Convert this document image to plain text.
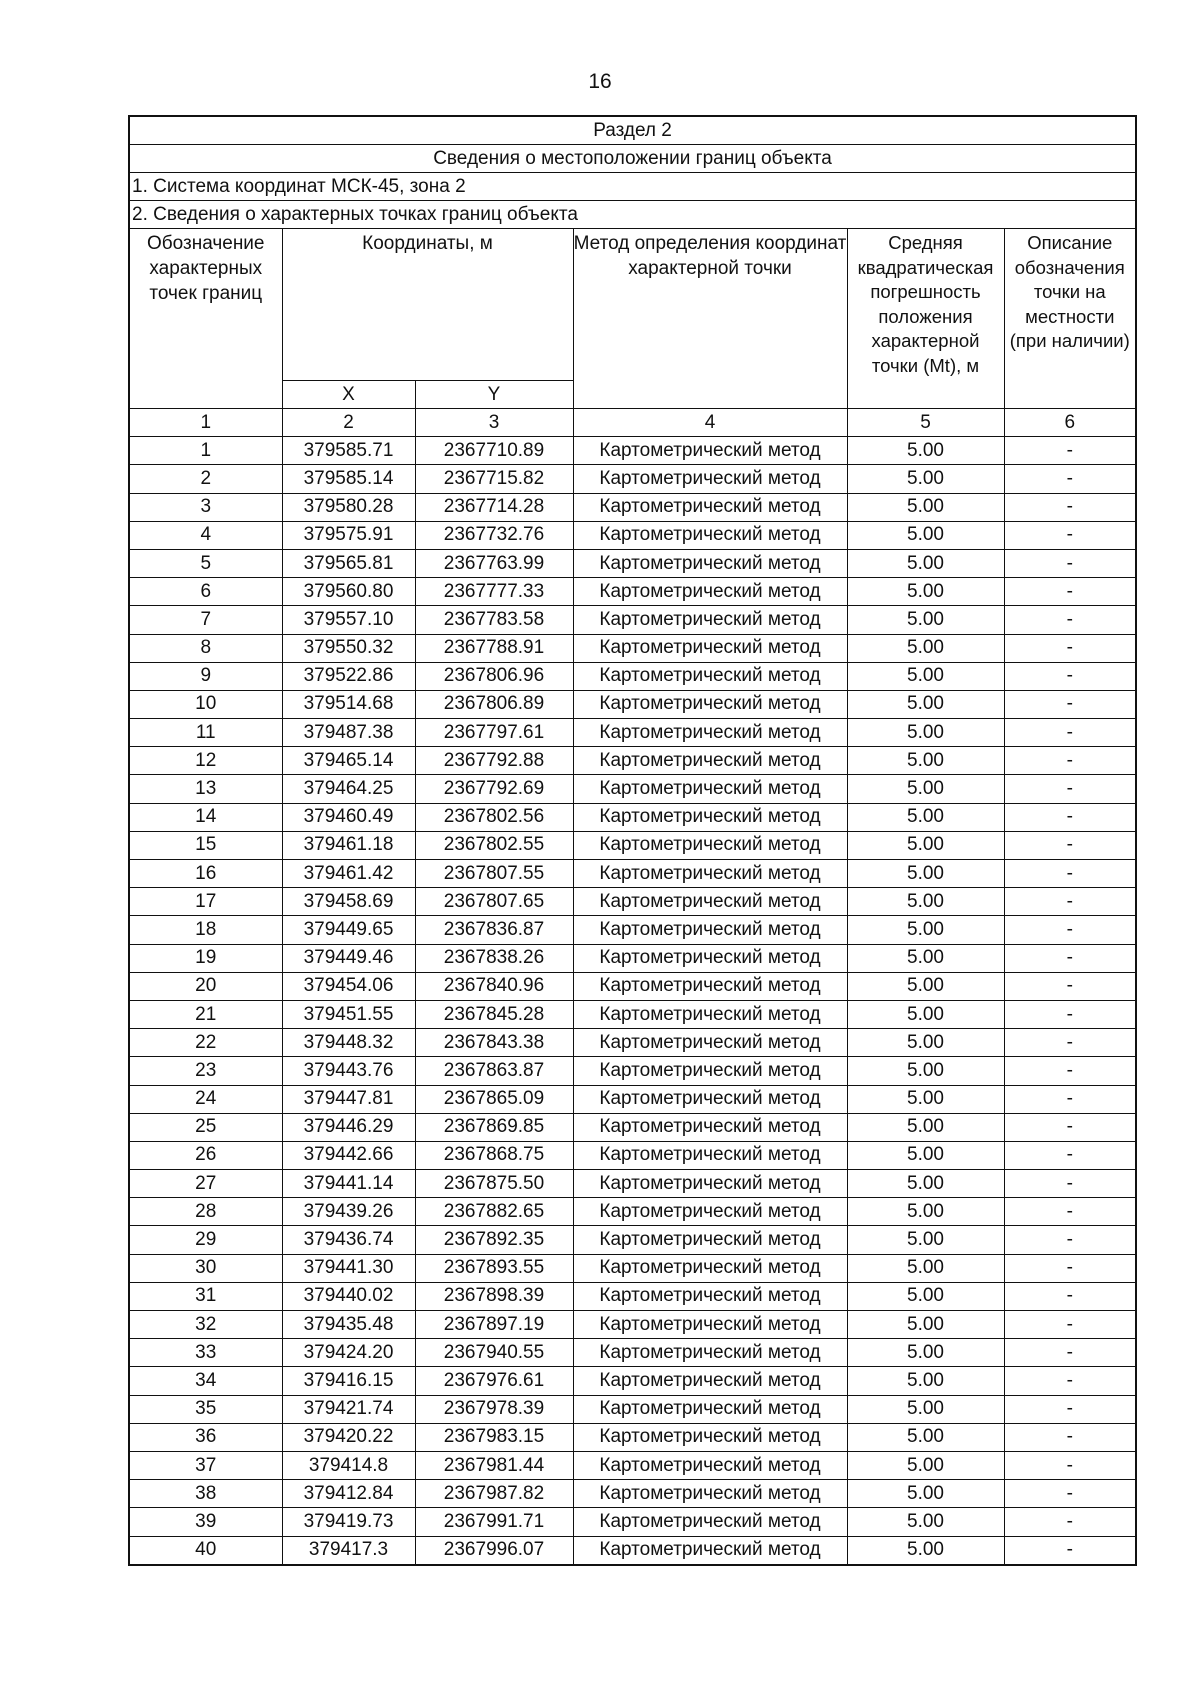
16
Раздел 2					
Сведения о местоположении границ объекта					
1. Система координат МСК-45, зона 2					
2. Сведения о характерных точках границ объекта					
Обозначение характерных точек границ	Координаты, м		Метод определения координат характерной точки	Средняя квадратическая погрешность положения характерной точки (Mt), м	Описание обозначения точки на местности (при наличии)
	X	Y			
1	2	3	4	5	6
1	379585.71	2367710.89	Картометрический метод	5.00	-
2	379585.14	2367715.82	Картометрический метод	5.00	-
3	379580.28	2367714.28	Картометрический метод	5.00	-
4	379575.91	2367732.76	Картометрический метод	5.00	-
5	379565.81	2367763.99	Картометрический метод	5.00	-
6	379560.80	2367777.33	Картометрический метод	5.00	-
7	379557.10	2367783.58	Картометрический метод	5.00	-
8	379550.32	2367788.91	Картометрический метод	5.00	-
9	379522.86	2367806.96	Картометрический метод	5.00	-
10	379514.68	2367806.89	Картометрический метод	5.00	-
11	379487.38	2367797.61	Картометрический метод	5.00	-
12	379465.14	2367792.88	Картометрический метод	5.00	-
13	379464.25	2367792.69	Картометрический метод	5.00	-
14	379460.49	2367802.56	Картометрический метод	5.00	-
15	379461.18	2367802.55	Картометрический метод	5.00	-
16	379461.42	2367807.55	Картометрический метод	5.00	-
17	379458.69	2367807.65	Картометрический метод	5.00	-
18	379449.65	2367836.87	Картометрический метод	5.00	-
19	379449.46	2367838.26	Картометрический метод	5.00	-
20	379454.06	2367840.96	Картометрический метод	5.00	-
21	379451.55	2367845.28	Картометрический метод	5.00	-
22	379448.32	2367843.38	Картометрический метод	5.00	-
23	379443.76	2367863.87	Картометрический метод	5.00	-
24	379447.81	2367865.09	Картометрический метод	5.00	-
25	379446.29	2367869.85	Картометрический метод	5.00	-
26	379442.66	2367868.75	Картометрический метод	5.00	-
27	379441.14	2367875.50	Картометрический метод	5.00	-
28	379439.26	2367882.65	Картометрический метод	5.00	-
29	379436.74	2367892.35	Картометрический метод	5.00	-
30	379441.30	2367893.55	Картометрический метод	5.00	-
31	379440.02	2367898.39	Картометрический метод	5.00	-
32	379435.48	2367897.19	Картометрический метод	5.00	-
33	379424.20	2367940.55	Картометрический метод	5.00	-
34	379416.15	2367976.61	Картометрический метод	5.00	-
35	379421.74	2367978.39	Картометрический метод	5.00	-
36	379420.22	2367983.15	Картометрический метод	5.00	-
37	379414.8	2367981.44	Картометрический метод	5.00	-
38	379412.84	2367987.82	Картометрический метод	5.00	-
39	379419.73	2367991.71	Картометрический метод	5.00	-
40	379417.3	2367996.07	Картометрический метод	5.00	-
